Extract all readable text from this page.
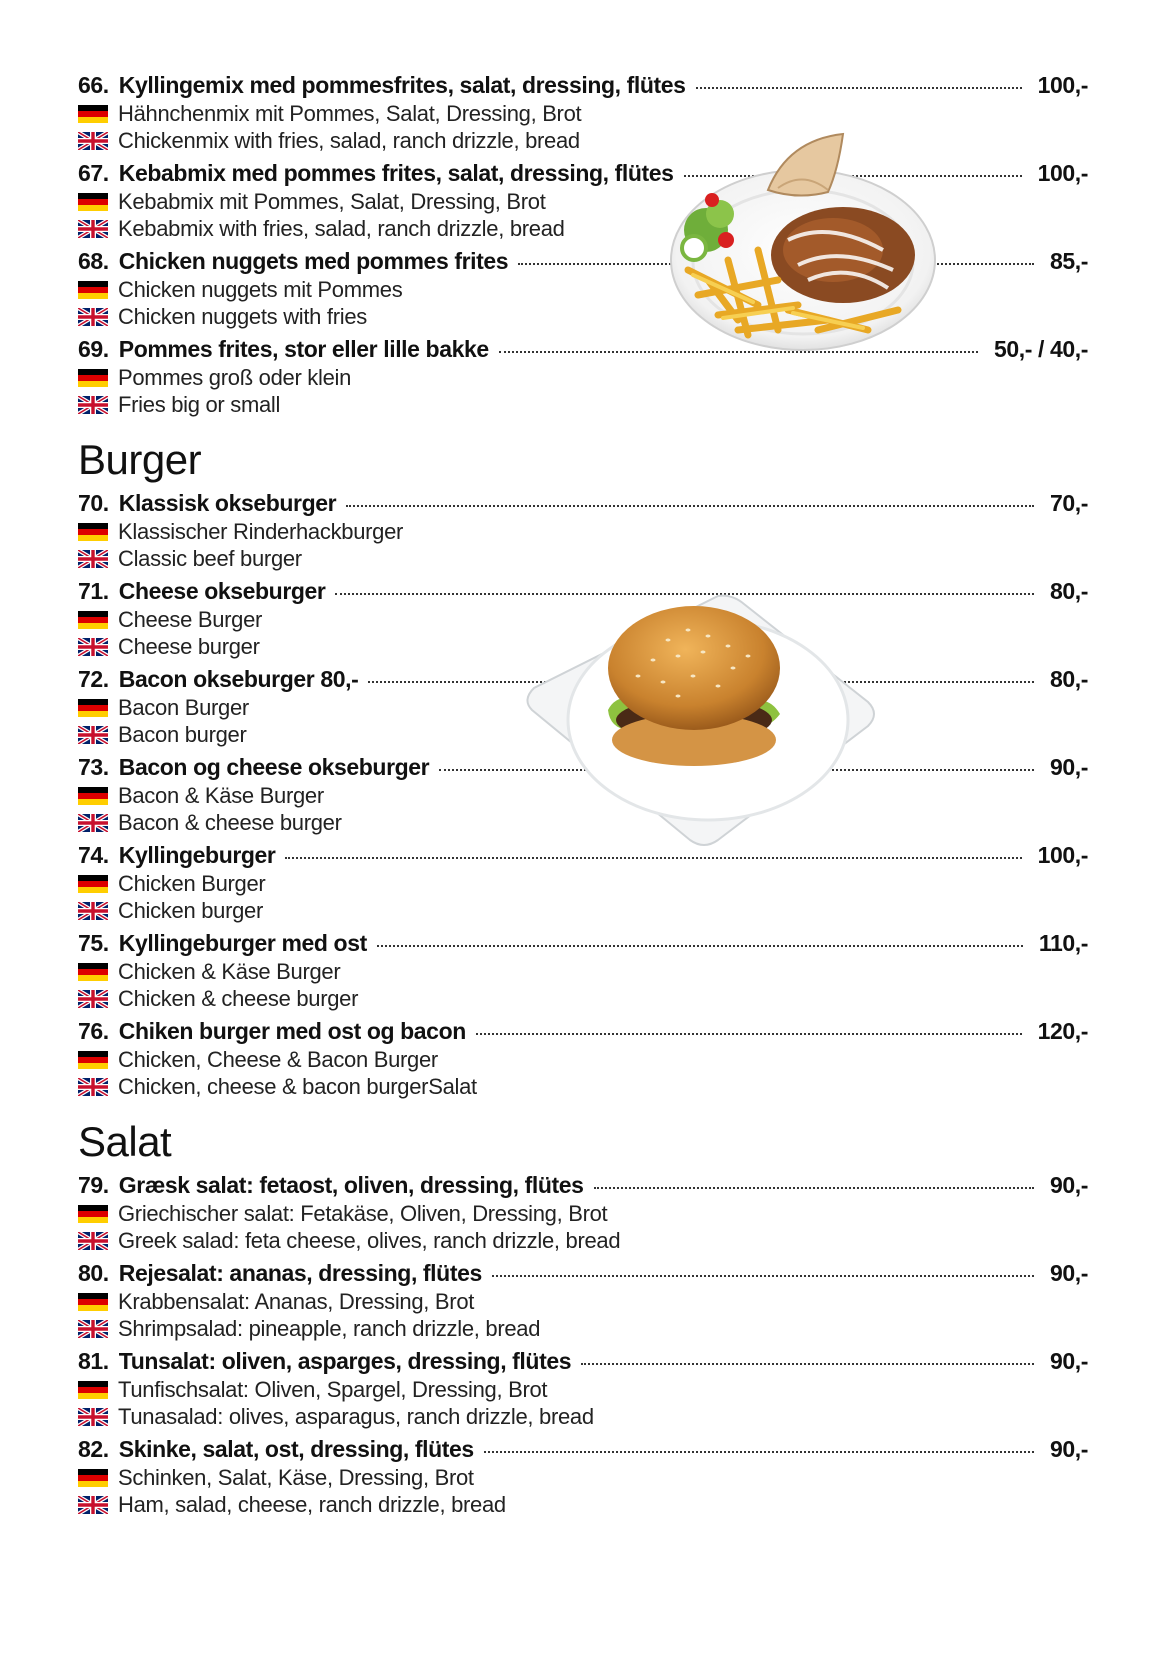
66. Kyllingemix med pommesfrites, salat, dressing, flütes	100,-
Hähnchenmix mit Pommes, Salat, Dressing, Brot
Chickenmix with fries, salad, ranch drizzle, bread
67. Kebabmix med pommes frites, salat, dressing, flütes	100,-
Kebabmix mit Pommes, Salat, Dressing, Brot
Kebabmix with fries, salad, ranch drizzle, bread
68. Chicken nuggets med pommes frites	85,-
Chicken nuggets mit Pommes
Chicken nuggets with fries
69. Pommes frites, stor eller lille bakke	50,- / 40,-
Pommes groß oder klein
Fries big or small
Burger
70. Klassisk okseburger	70,-
Klassischer Rinderhackburger
Classic beef burger
71. Cheese okseburger	80,-
Cheese Burger
Cheese burger
72. Bacon okseburger 80,-	80,-
Bacon Burger
Bacon burger
73. Bacon og cheese okseburger	90,-
Bacon & Käse Burger
Bacon & cheese burger
74. Kyllingeburger	100,-
Chicken Burger
Chicken burger
75. Kyllingeburger med ost	110,-
Chicken & Käse Burger
Chicken & cheese burger
76. Chiken burger med ost og bacon	120,-
Chicken, Cheese & Bacon Burger
Chicken, cheese & bacon burgerSalat
Salat
79. Græsk salat: fetaost, oliven, dressing, flütes	90,-
Griechischer salat: Fetakäse, Oliven, Dressing, Brot
Greek salad: feta cheese, olives, ranch drizzle, bread
80. Rejesalat: ananas, dressing, flütes	90,-
Krabbensalat: Ananas, Dressing, Brot
Shrimpsalad: pineapple, ranch drizzle, bread
81. Tunsalat: oliven, asparges, dressing, flütes	90,-
Tunfischsalat: Oliven, Spargel, Dressing, Brot
Tunasalad: olives, asparagus, ranch drizzle, bread
82. Skinke, salat, ost, dressing, flütes	90,-
Schinken, Salat, Käse, Dressing, Brot
Ham, salad, cheese, ranch drizzle, bread
